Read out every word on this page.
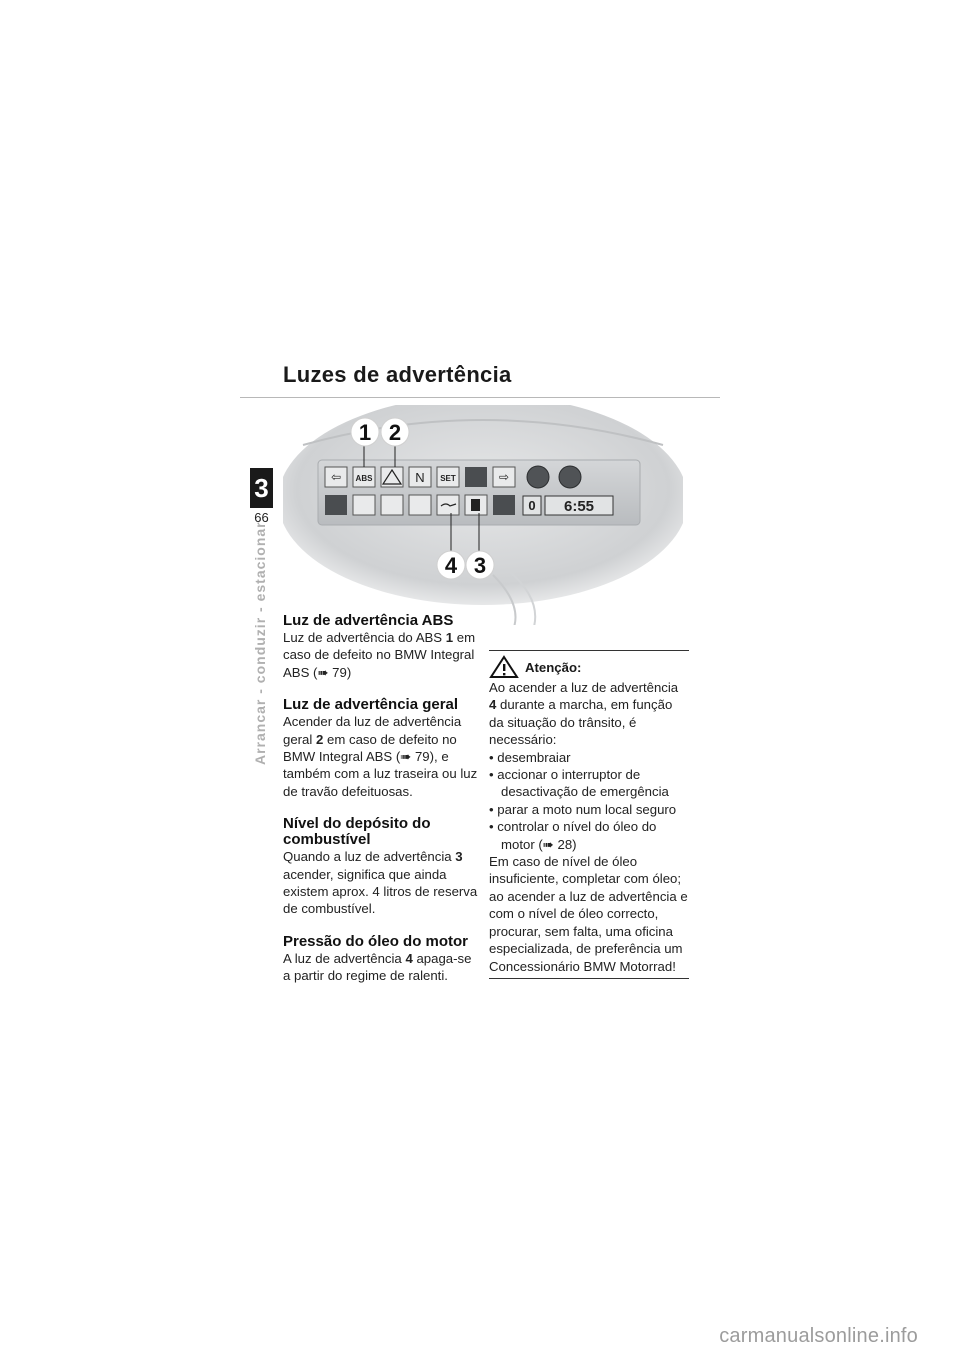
Luzes de advertência
3
66
Arrancar - conduzir - estacionar
⇦ ABS	N SET	⇨
0 6:55
1 2
4 3
Luz de advertência ABS

Luz de advertência do ABS 1 em caso de defeito no BMW Integral ABS (➠ 79)

Luz de advertência geral

Acender da luz de advertência geral 2 em caso de defeito no BMW Integral ABS (➠ 79), e também com a luz traseira ou luz de travão defeituosas.

Nível do depósito do combustível

Quando a luz de advertência 3 acender, significa que ainda existem aprox. 4 litros de reserva de combustível.

Pressão do óleo do motor

A luz de advertência 4 apaga-se a partir do regime de ralenti.

Atenção:

Ao acender a luz de advertência 4 durante a marcha, em função da situação do trânsito, é necessário:

• desembraiar
• accionar o interruptor de desactivação de emergência
• parar a moto num local seguro
• controlar o nível do óleo do motor (➠ 28)

Em caso de nível de óleo insuficiente, completar com óleo; ao acender a luz de advertência e com o nível de óleo correcto, procurar, sem falta, uma oficina especializada, de preferência um Concessionário BMW Motorrad!

carmanualsonline.info
